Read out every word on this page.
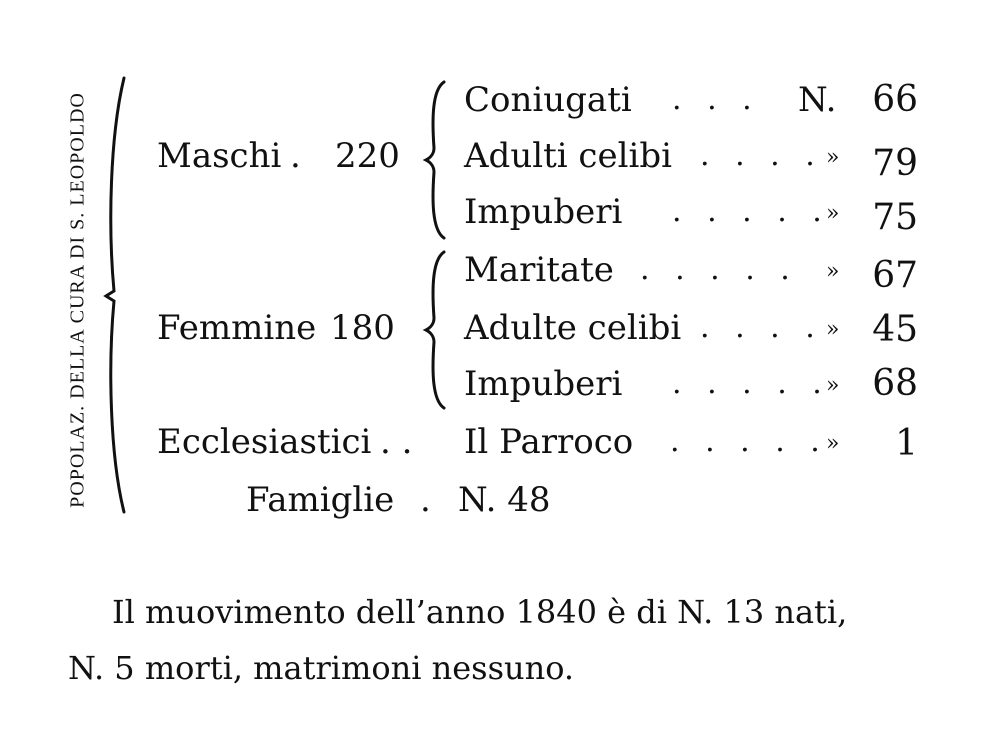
POPOLAZ. DELLA CURA DI S. LEOPOLDO Maschi . 220
Coniugati . . . N. 66
Adulti celibi . . . . » 79
Impuberi . . . . .
» 75
Femmine 180
Maritate . . . . . » 67
Adulte celibi . . . . » 45
Impuberi . . . . .
» 68
Ecclesiastici . . Il Parroco . . . . .
»	1
Famiglie . N. 48
Il muovimento dell’anno 1840 è di N. 13 nati,
N. 5 morti, matrimoni nessuno.
